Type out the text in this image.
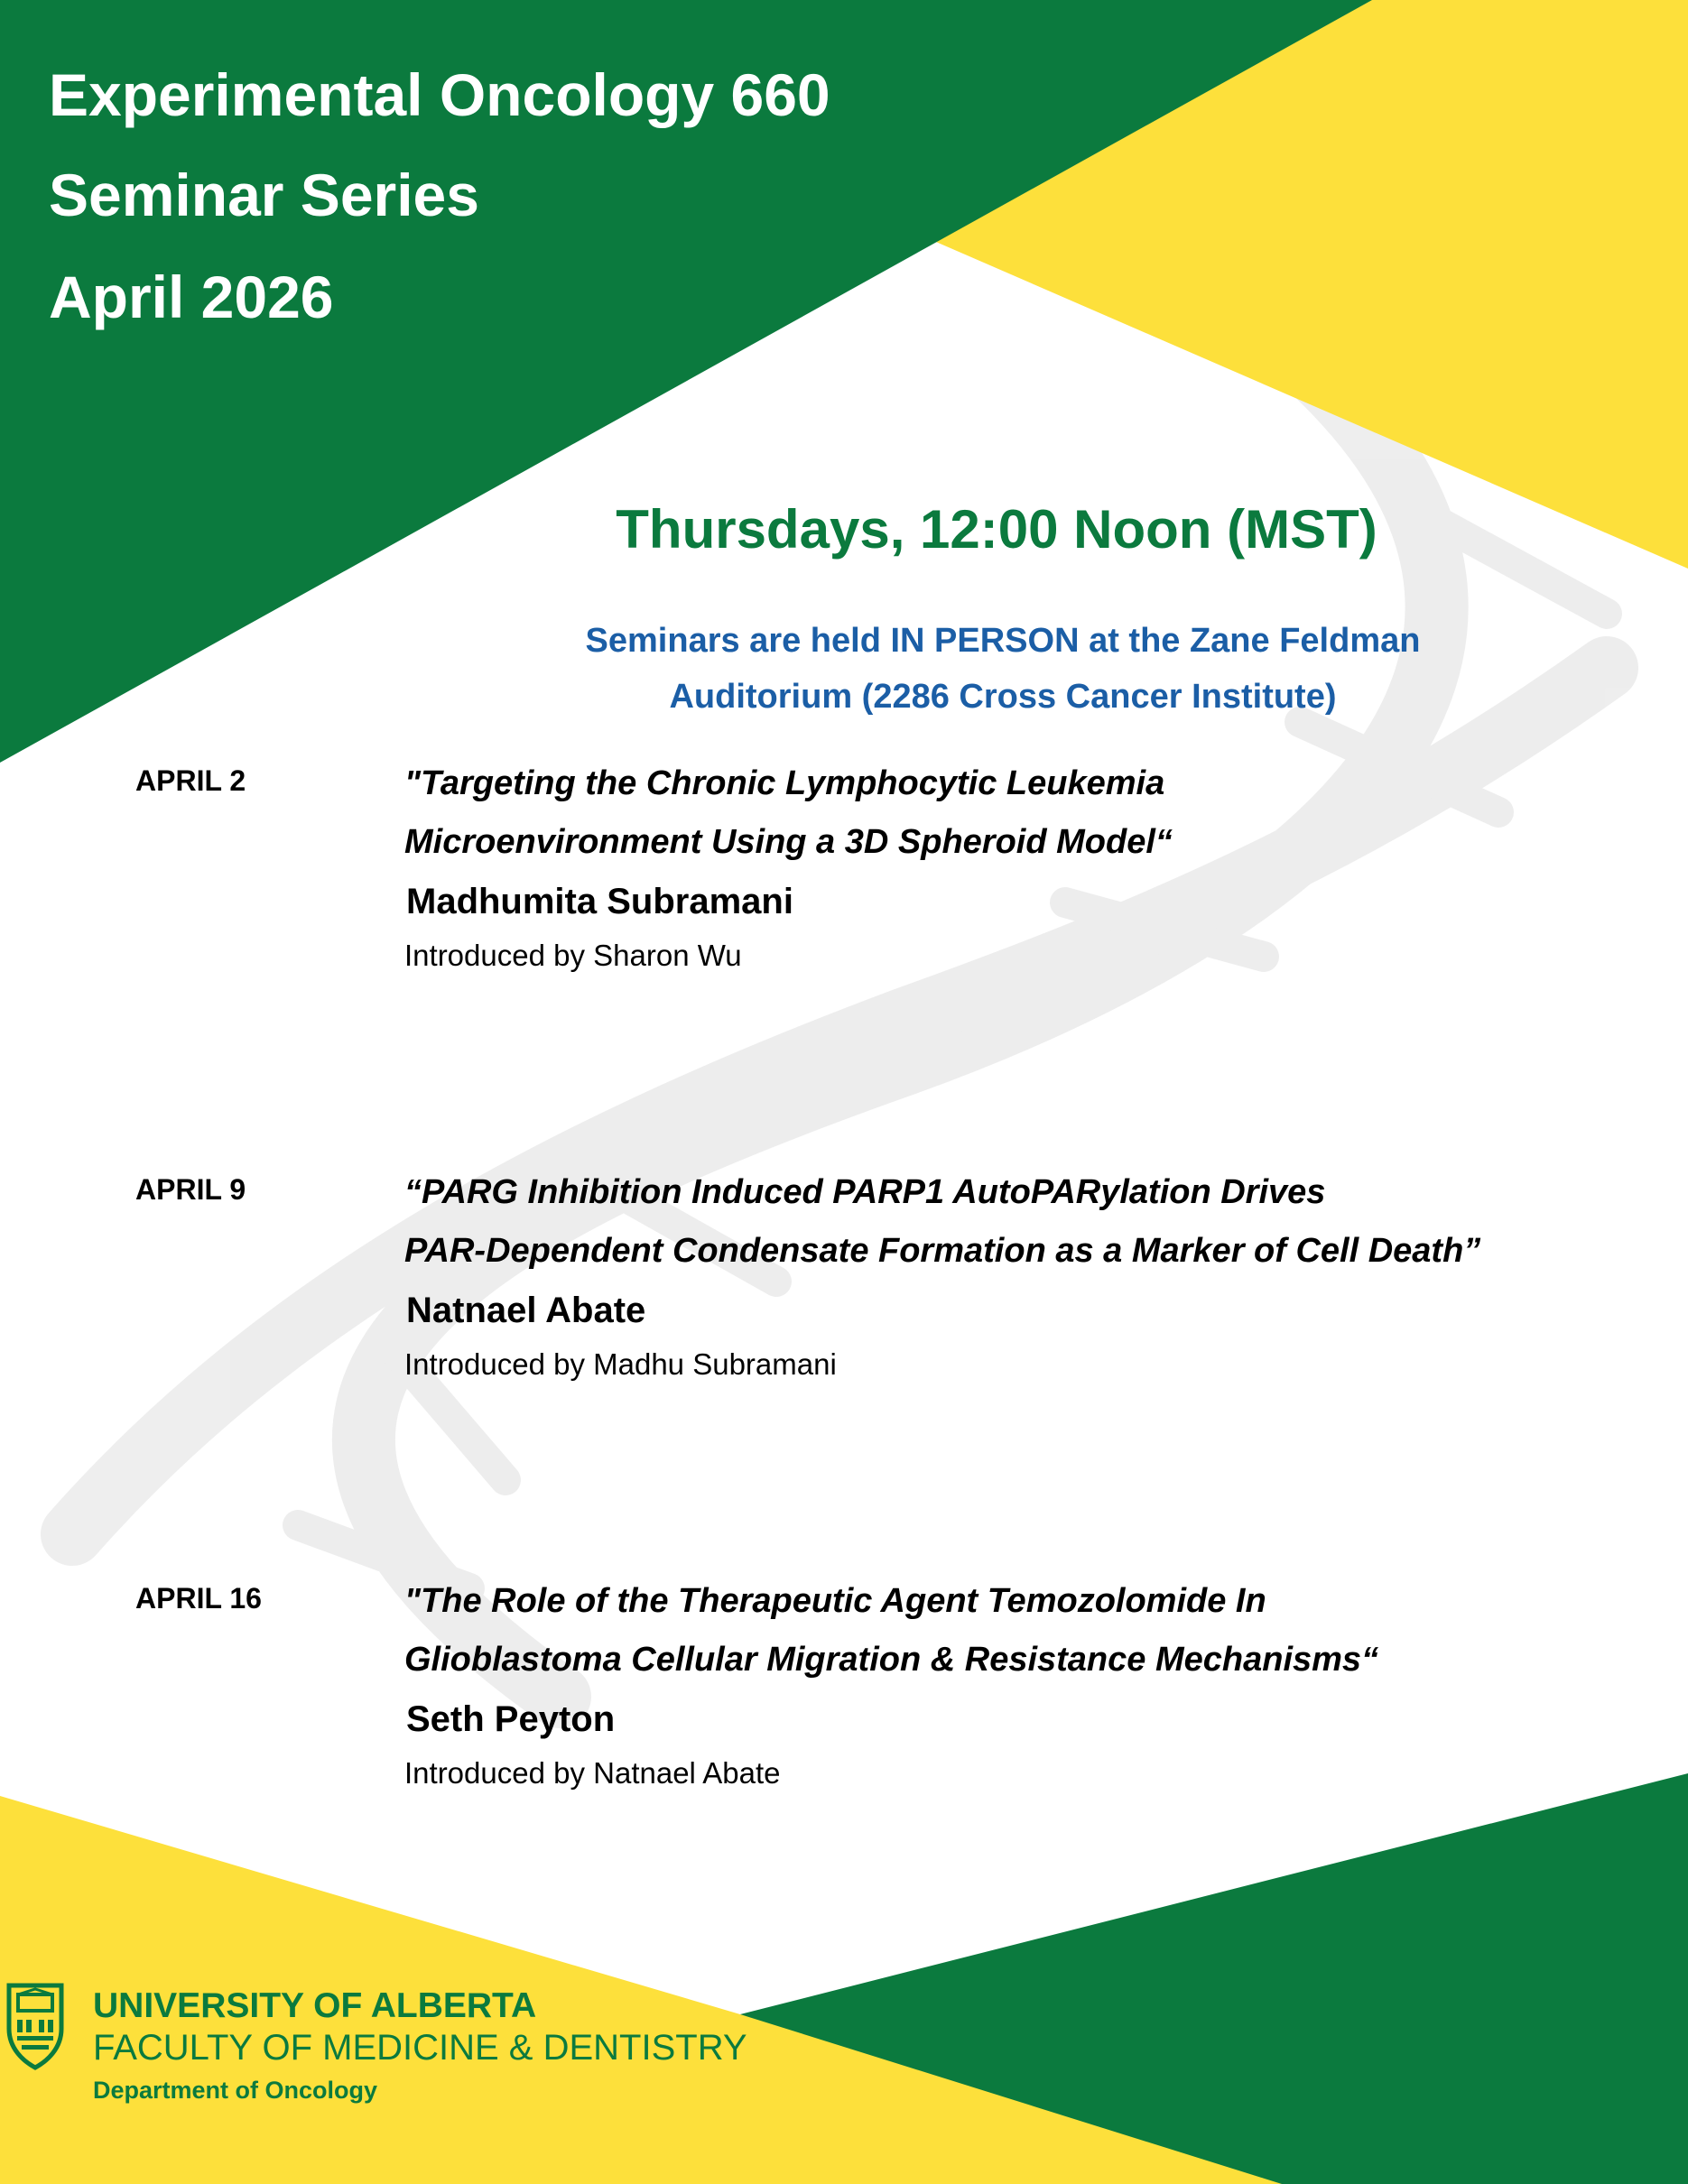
Experimental Oncology 660
Seminar Series
April 2026
Thursdays, 12:00 Noon (MST)
Seminars are held IN PERSON at the Zane Feldman
Auditorium (2286 Cross Cancer Institute)
APRIL 2	"Targeting the Chronic Lymphocytic Leukemia
Microenvironment Using a 3D Spheroid Model“
Madhumita Subramani
Introduced by Sharon Wu
APRIL 9	“PARG Inhibition Induced PARP1 AutoPARylation Drives
PAR-Dependent Condensate Formation as a Marker of Cell Death”
Natnael Abate
Introduced by Madhu Subramani
APRIL 16	"The Role of the Therapeutic Agent Temozolomide In
Glioblastoma Cellular Migration & Resistance Mechanisms“
Seth Peyton
Introduced by Natnael Abate
UNIVERSITY OF ALBERTA
FACULTY OF MEDICINE & DENTISTRY
Department of Oncology
